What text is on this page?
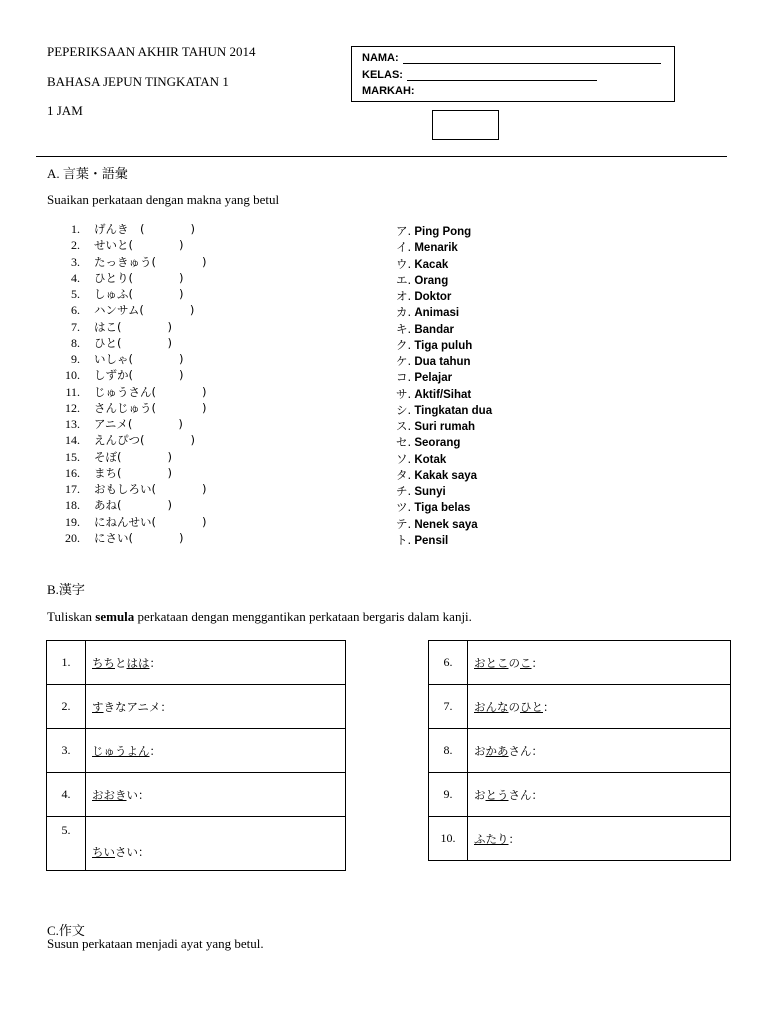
PEPERIKSAAN AKHIR TAHUN 2014
BAHASA JEPUN TINGKATAN 1
1 JAM
NAMA:
KELAS:
MARKAH:
A. 言葉・語彙
Suaikan perkataan dengan makna yang betul
1. げんき　(　　　　)
2. せいと(　　　　)
3. たっきゅう(　　　　)
4. ひとり(　　　　)
5. しゅふ(　　　　)
6. ハンサム(　　　　)
7. はこ(　　　　)
8. ひと(　　　　)
9. いしゃ(　　　　)
10. しずか(　　　　)
11. じゅうさん(　　　　)
12. さんじゅう(　　　　)
13. アニメ(　　　　)
14. えんぴつ(　　　　)
15. そぼ(　　　　)
16. まち(　　　　)
17. おもしろい(　　　　)
18. あね(　　　　)
19. にねんせい(　　　　)
20. にさい(　　　　)
ア. Ping Pong
イ. Menarik
ウ. Kacak
エ. Orang
オ. Doktor
カ. Animasi
キ. Bandar
ク. Tiga puluh
ケ. Dua tahun
コ. Pelajar
サ. Aktif/Sihat
シ. Tingkatan dua
ス. Suri rumah
セ. Seorang
ソ. Kotak
タ. Kakak saya
チ. Sunyi
ツ. Tiga belas
テ. Nenek saya
ト. Pensil
B.漢字
Tuliskan semula perkataan dengan menggantikan perkataan bergaris dalam kanji.
1.	ちちとはは：
2.	すきなアニメ：
3.	じゅうよん：
4.	おおきい：
5.	ちいさい：
6.	おとこのこ：
7.	おんなのひと：
8.	おかあさん：
9.	おとうさん：
10.	ふたり：
C.作文
Susun perkataan menjadi ayat yang betul.
